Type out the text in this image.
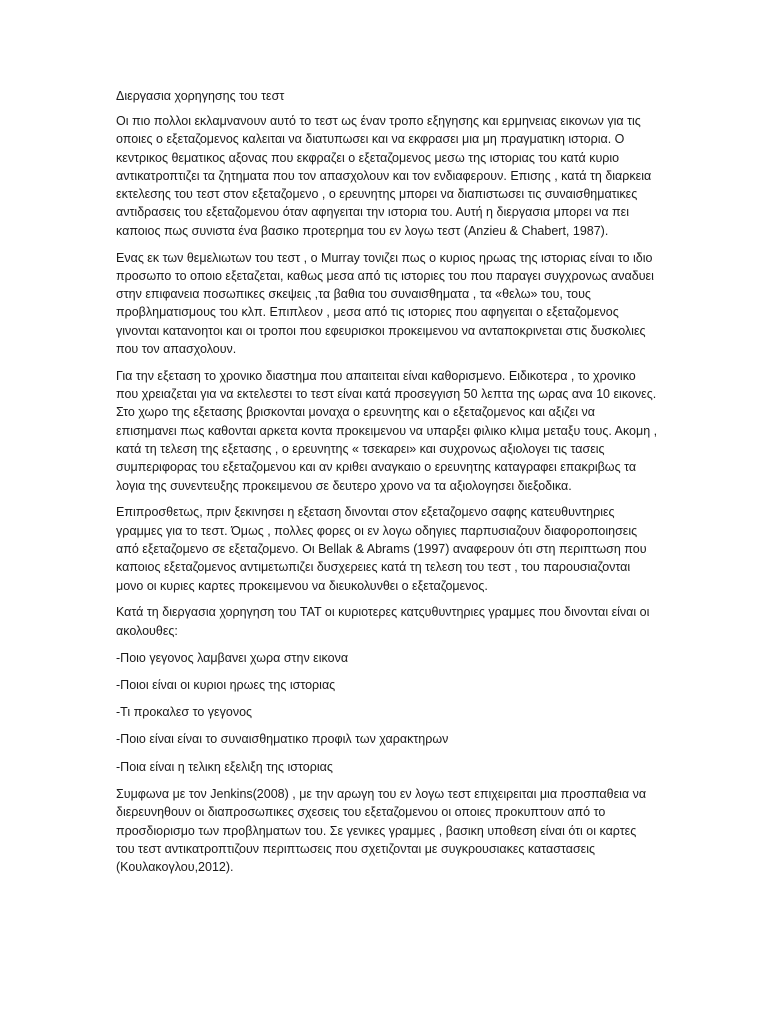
Διεργασια χορηγησης του τεστ

Οι πιο πολλοι εκλαμνανουν αυτό το τεστ ως έναν τροπο εξηγησης και ερμηνειας εικονων για τις οποιες ο εξεταζομενος καλειται να διατυπωσει και να εκφρασει μια μη πραγματικη ιστορια. Ο κεντρικος θεματικος αξονας που εκφραζει ο εξεταζομενος μεσω της ιστοριας του κατά κυριο αντικατροπτιζει τα ζητηματα που τον απασχολουν και τον ενδιαφερουν. Επισης , κατά τη διαρκεια εκτελεσης του τεστ στον εξεταζομενο , ο ερευνητης μπορει να διαπιστωσει τις συναισθηματικες αντιδρασεις του εξεταζομενου όταν αφηγειται την ιστορια του. Αυτή η διεργασια μπορει να πει καποιος πως συνιστα ένα βασικο προτερημα του εν λογω τεστ (Anzieu & Chabert, 1987).

Ενας εκ των θεμελιωτων του τεστ , ο Murray τονιζει πως ο κυριος ηρωας της ιστοριας είναι το ιδιο προσωπο το οποιο εξεταζεται, καθως μεσα από τις ιστοριες του που παραγει συγχρονως αναδυει στην επιφανεια ποσωπικες σκεψεις ,τα βαθια του συναισθηματα , τα «θελω» του, τους προβληματισμους του κλπ. Επιπλεον , μεσα από τις ιστοριες που αφηγειται ο εξεταζομενος γινονται κατανοητοι και οι τροποι που εφευρισκοι προκειμενου να ανταποκρινεται στις δυσκολιες που τον απασχολουν.

Για την εξεταση το χρονικο διαστημα που απαιτειται είναι καθορισμενο. Ειδικοτερα , το χρονικο που χρειαζεται για να εκτελεστει το τεστ είναι κατά προσεγγιση 50 λεπτα της ωρας ανα 10 εικονες. Στο χωρο της εξετασης βρισκονται μοναχα ο ερευνητης και ο εξεταζομενος και αξιζει να επισημανει πως καθονται αρκετα κοντα προκειμενου να υπαρξει φιλικο κλιμα μεταξυ τους. Ακομη , κατά τη τελεση της εξετασης , ο ερευνητης « τσεκαρει» και συχρονως αξιολογει τις τασεις συμπεριφορας του εξεταζομενου και αν κριθει αναγκαιο ο ερευνητης καταγραφει επακριβως τα λογια της συνεντευξης προκειμενου σε δευτερο χρονο να τα αξιολογησει διεξοδικα.

Επιπροσθετως, πριν ξεκινησει η εξεταση δινονται στον εξεταζομενο σαφης κατευθυντηριες γραμμες για το τεστ. Όμως , πολλες φορες οι εν λογω οδηγιες παρπυσιαζουν διαφοροποιησεις από εξεταζομενο σε εξεταζομενο. Οι Bellak & Abrams (1997) αναφερουν ότι στη περιπτωση που καποιος εξεταζομενος αντιμετωπιζει δυσχερειες κατά τη τελεση του τεστ , του παρουσιαζονται μονο οι κυριες καρτες προκειμενου να διευκολυνθει ο εξεταζομενος.

Κατά τη διεργασια χορηγηση του TAT οι κυριοτερες κατςυθυντηριες γραμμες που δινονται είναι οι ακολουθες:

-Ποιο γεγονος λαμβανει χωρα στην εικονα

-Ποιοι είναι οι κυριοι ηρωες της ιστοριας

-Τι προκαλεσ το γεγονος

-Ποιο είναι είναι το συναισθηματικο προφιλ των χαρακτηρων

-Ποια είναι η τελικη εξελιξη της ιστοριας

Συμφωνα με τον Jenkins(2008) , με την αρωγη του εν λογω τεστ επιχειρειται μια προσπαθεια να διερευνηθουν οι διαπροσωπικες σχεσεις του εξεταζομενου οι οποιες προκυπτουν από το προσδιορισμο των προβληματων του. Σε γενικες γραμμες , βασικη υποθεση είναι ότι οι καρτες του τεστ αντικατροπτιζουν περιπτωσεις που σχετιζονται με συγκρουσιακες καταστασεις (Κουλακογλου,2012).
